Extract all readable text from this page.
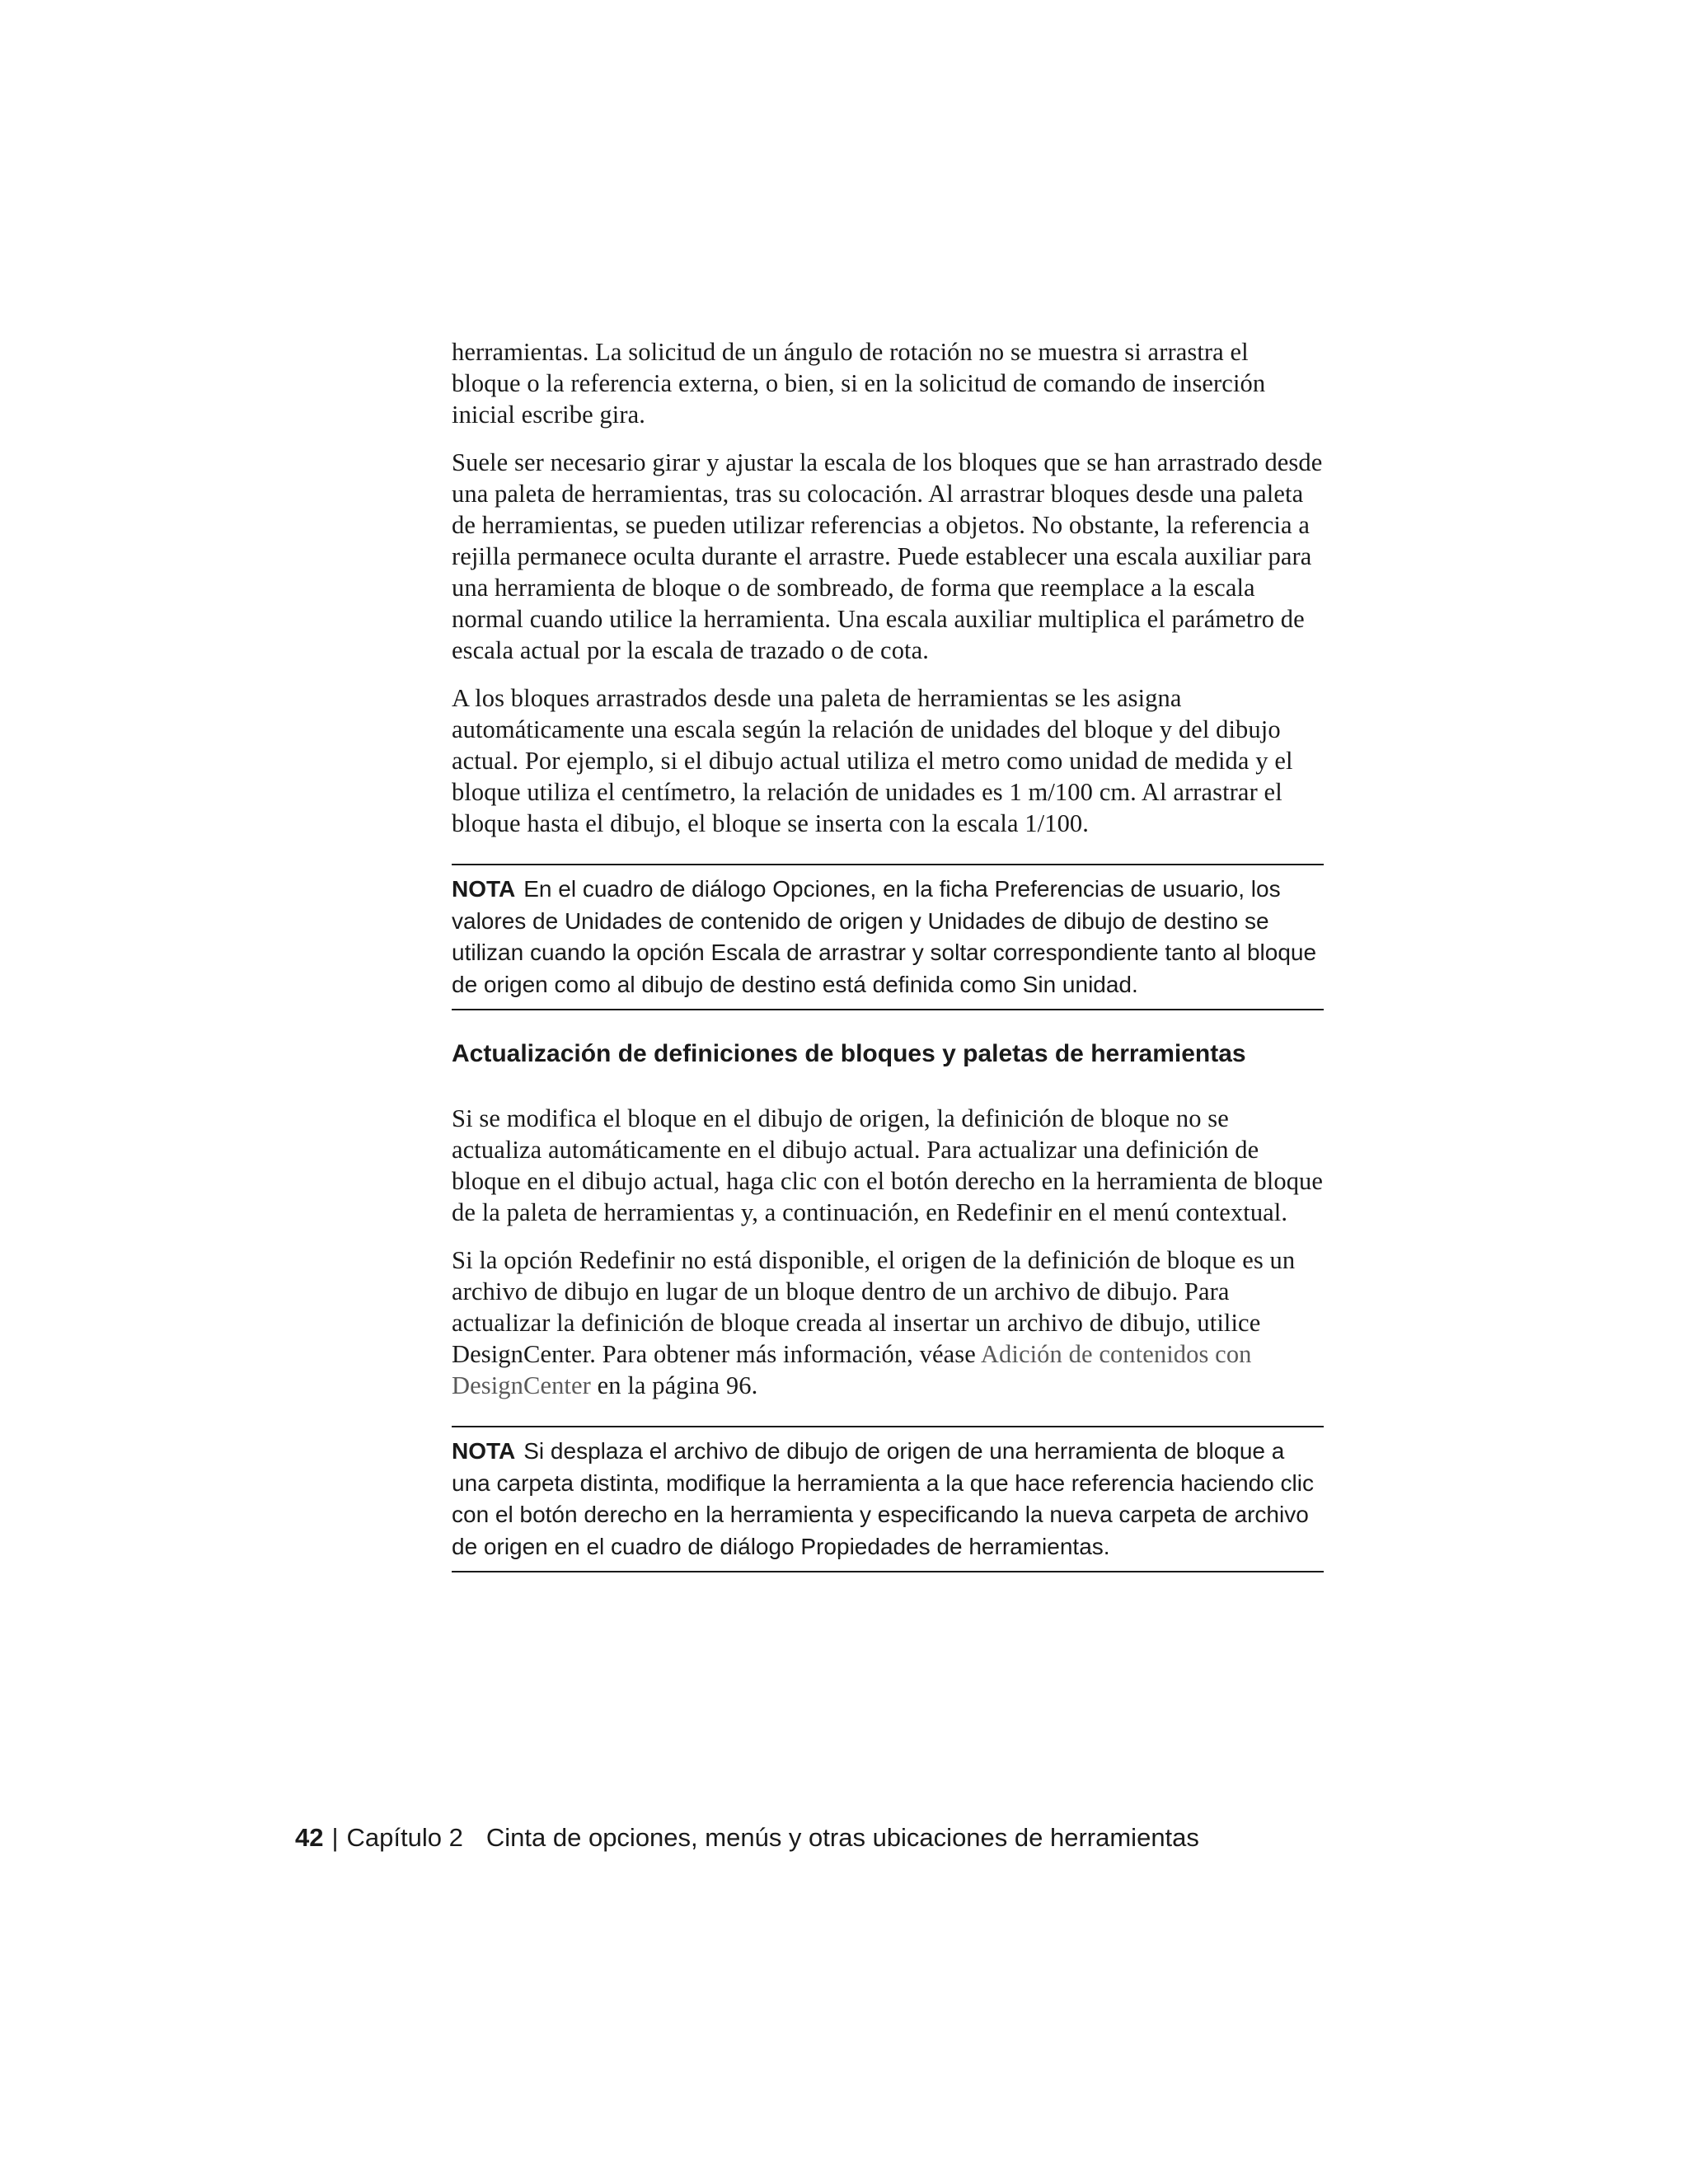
herramientas. La solicitud de un ángulo de rotación no se muestra si arrastra el bloque o la referencia externa, o bien, si en la solicitud de comando de inserción inicial escribe gira.

Suele ser necesario girar y ajustar la escala de los bloques que se han arrastrado desde una paleta de herramientas, tras su colocación. Al arrastrar bloques desde una paleta de herramientas, se pueden utilizar referencias a objetos. No obstante, la referencia a rejilla permanece oculta durante el arrastre. Puede establecer una escala auxiliar para una herramienta de bloque o de sombreado, de forma que reemplace a la escala normal cuando utilice la herramienta. Una escala auxiliar multiplica el parámetro de escala actual por la escala de trazado o de cota.

A los bloques arrastrados desde una paleta de herramientas se les asigna automáticamente una escala según la relación de unidades del bloque y del dibujo actual. Por ejemplo, si el dibujo actual utiliza el metro como unidad de medida y el bloque utiliza el centímetro, la relación de unidades es 1 m/100 cm. Al arrastrar el bloque hasta el dibujo, el bloque se inserta con la escala 1/100.

NOTA En el cuadro de diálogo Opciones, en la ficha Preferencias de usuario, los valores de Unidades de contenido de origen y Unidades de dibujo de destino se utilizan cuando la opción Escala de arrastrar y soltar correspondiente tanto al bloque de origen como al dibujo de destino está definida como Sin unidad.
Actualización de definiciones de bloques y paletas de herramientas

Si se modifica el bloque en el dibujo de origen, la definición de bloque no se actualiza automáticamente en el dibujo actual. Para actualizar una definición de bloque en el dibujo actual, haga clic con el botón derecho en la herramienta de bloque de la paleta de herramientas y, a continuación, en Redefinir en el menú contextual.

Si la opción Redefinir no está disponible, el origen de la definición de bloque es un archivo de dibujo en lugar de un bloque dentro de un archivo de dibujo. Para actualizar la definición de bloque creada al insertar un archivo de dibujo, utilice DesignCenter. Para obtener más información, véase Adición de contenidos con DesignCenter en la página 96.

NOTA Si desplaza el archivo de dibujo de origen de una herramienta de bloque a una carpeta distinta, modifique la herramienta a la que hace referencia haciendo clic con el botón derecho en la herramienta y especificando la nueva carpeta de archivo de origen en el cuadro de diálogo Propiedades de herramientas.
42 | Capítulo 2 Cinta de opciones, menús y otras ubicaciones de herramientas
